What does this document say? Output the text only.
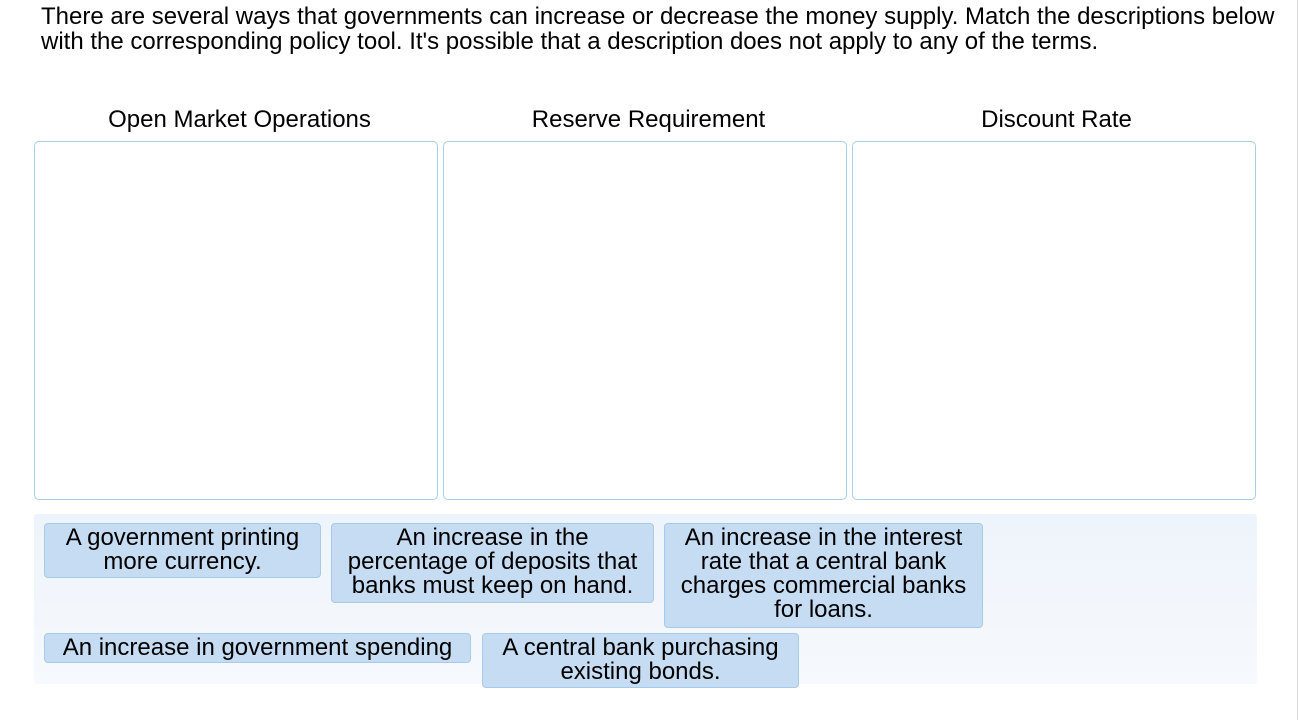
There are several ways that governments can increase or decrease the money supply. Match the descriptions below with the corresponding policy tool. It's possible that a description does not apply to any of the terms.

Open Market Operations	Reserve Requirement	Discount Rate
A government printing more currency.
An increase in the percentage of deposits that banks must keep on hand.
An increase in the interest rate that a central bank charges commercial banks for loans.
An increase in government spending	A central bank purchasing existing bonds.
